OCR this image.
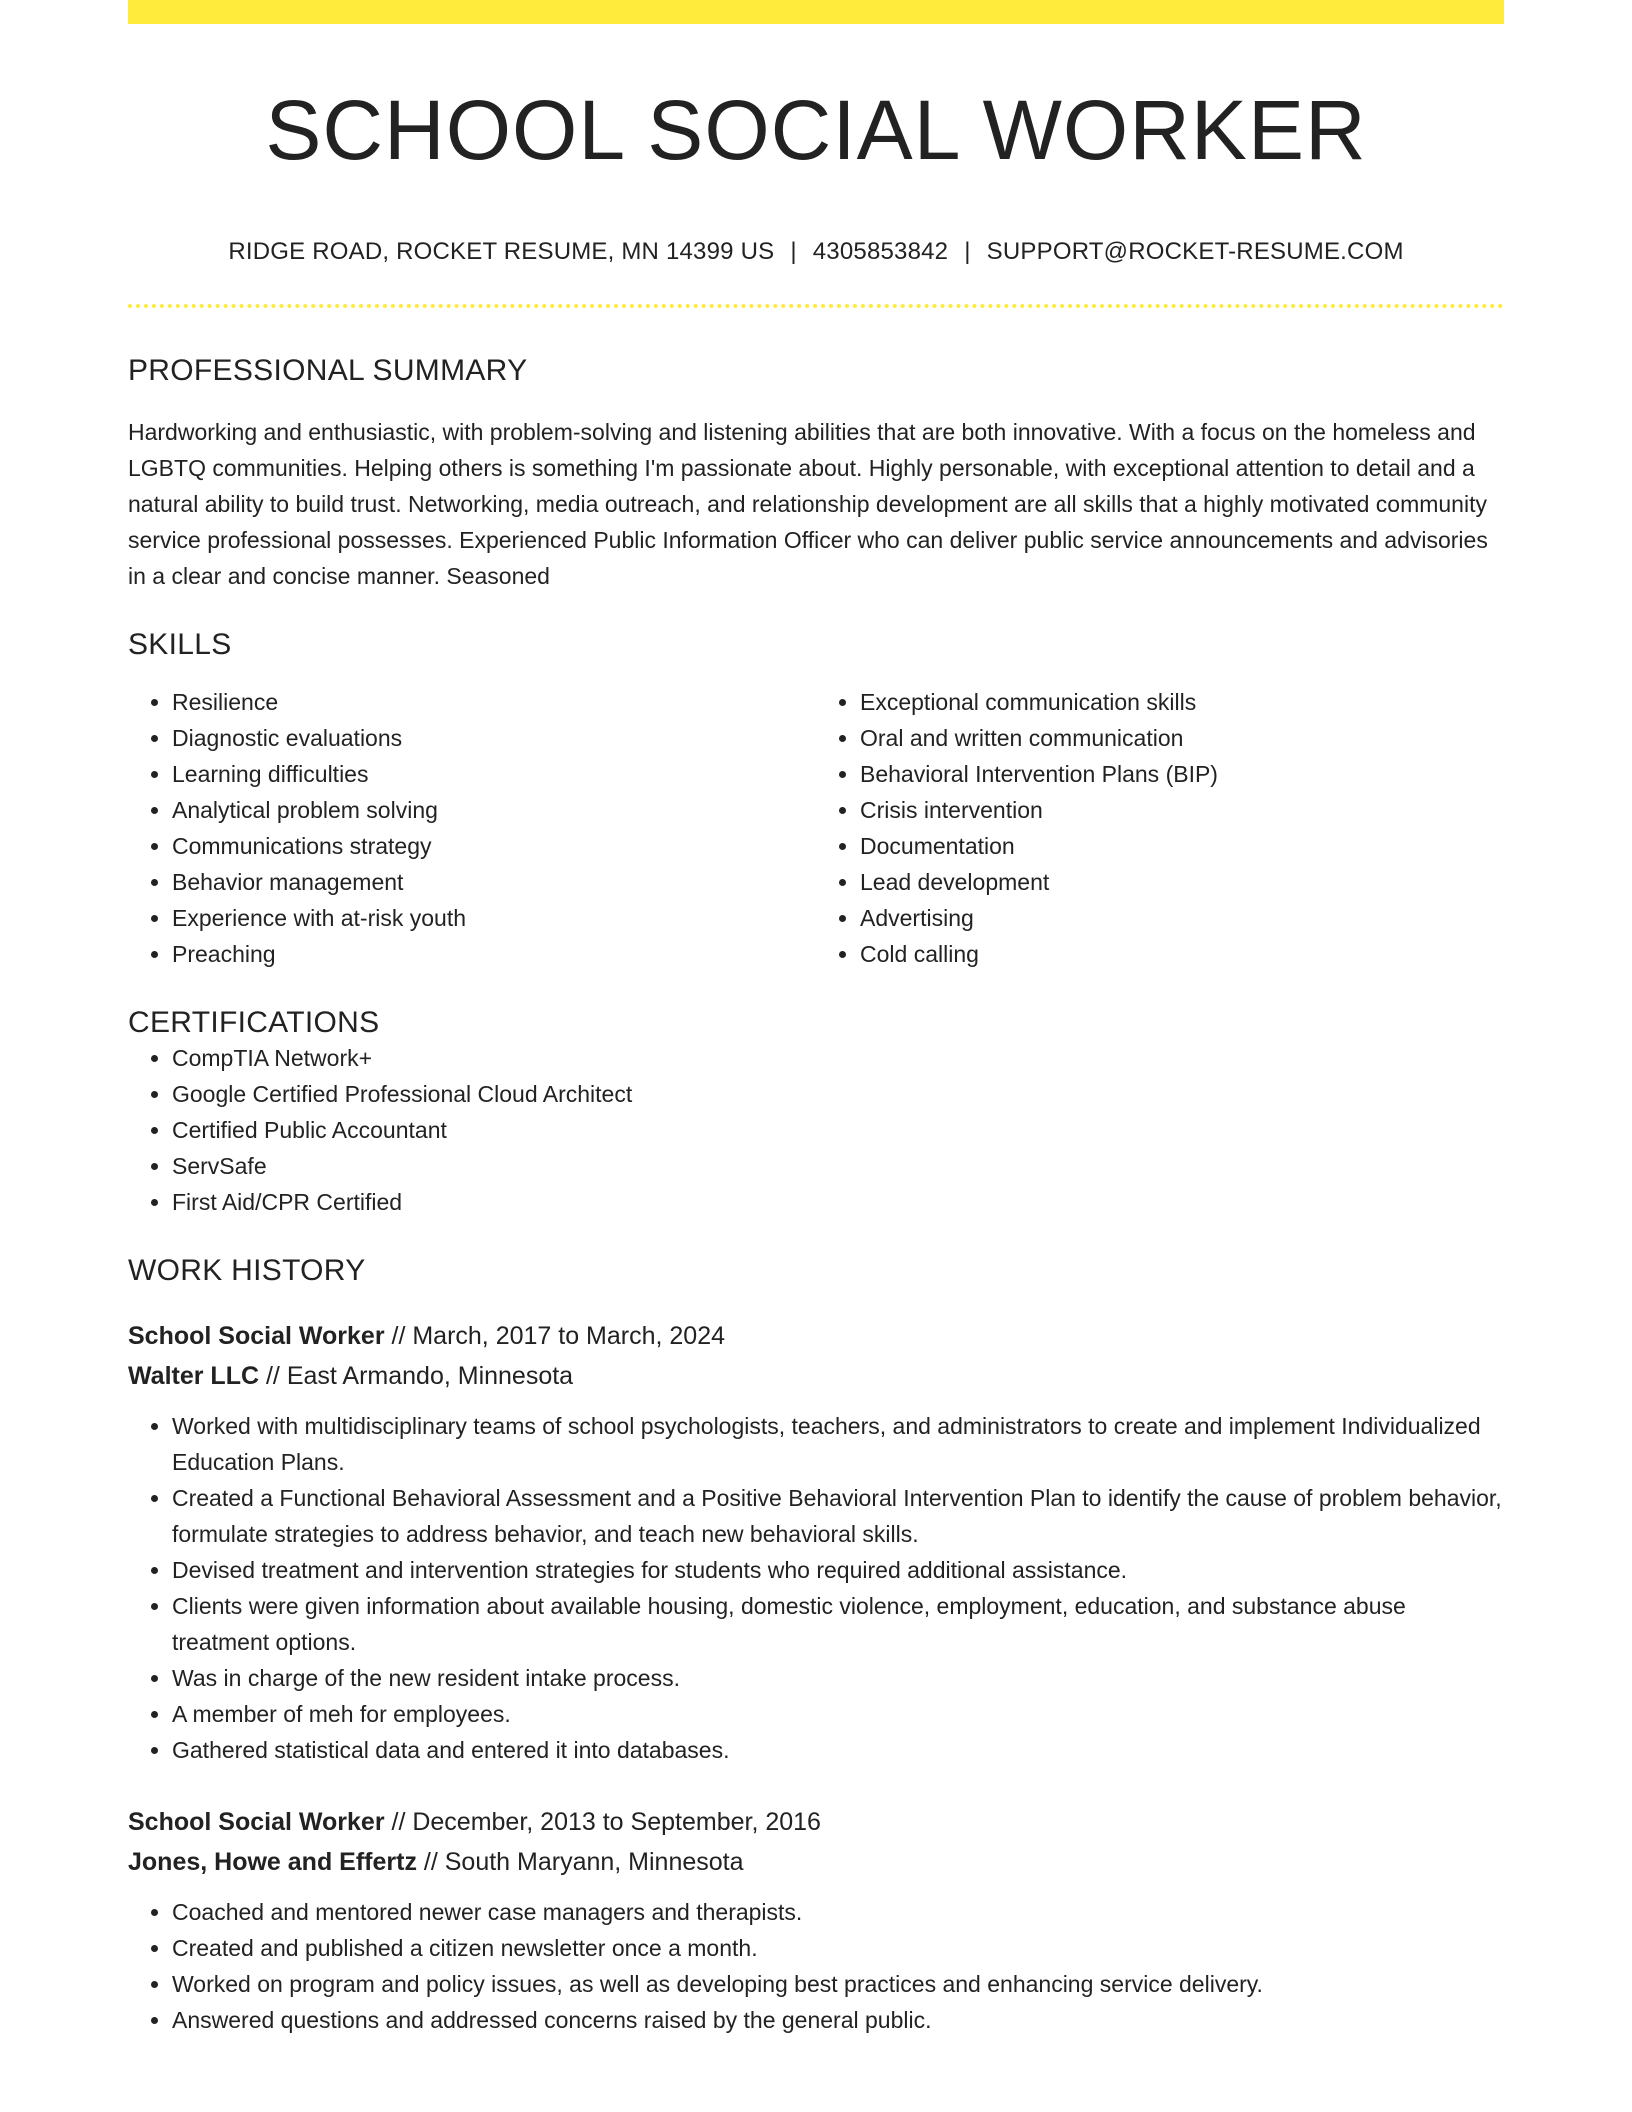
SCHOOL SOCIAL WORKER
RIDGE ROAD, ROCKET RESUME, MN 14399 US | 4305853842 | SUPPORT@ROCKET-RESUME.COM
PROFESSIONAL SUMMARY
Hardworking and enthusiastic, with problem-solving and listening abilities that are both innovative. With a focus on the homeless and LGBTQ communities. Helping others is something I'm passionate about. Highly personable, with exceptional attention to detail and a natural ability to build trust. Networking, media outreach, and relationship development are all skills that a highly motivated community service professional possesses. Experienced Public Information Officer who can deliver public service announcements and advisories in a clear and concise manner. Seasoned
SKILLS
• Resilience
• Diagnostic evaluations
• Learning difficulties
• Analytical problem solving
• Communications strategy
• Behavior management
• Experience with at-risk youth
• Preaching
• Exceptional communication skills
• Oral and written communication
• Behavioral Intervention Plans (BIP)
• Crisis intervention
• Documentation
• Lead development
• Advertising
• Cold calling
CERTIFICATIONS
• CompTIA Network+
• Google Certified Professional Cloud Architect
• Certified Public Accountant
• ServSafe
• First Aid/CPR Certified
WORK HISTORY
School Social Worker // March, 2017 to March, 2024
Walter LLC // East Armando, Minnesota
• Worked with multidisciplinary teams of school psychologists, teachers, and administrators to create and implement Individualized Education Plans.
• Created a Functional Behavioral Assessment and a Positive Behavioral Intervention Plan to identify the cause of problem behavior, formulate strategies to address behavior, and teach new behavioral skills.
• Devised treatment and intervention strategies for students who required additional assistance.
• Clients were given information about available housing, domestic violence, employment, education, and substance abuse treatment options.
• Was in charge of the new resident intake process.
• A member of meh for employees.
• Gathered statistical data and entered it into databases.
School Social Worker // December, 2013 to September, 2016
Jones, Howe and Effertz // South Maryann, Minnesota
• Coached and mentored newer case managers and therapists.
• Created and published a citizen newsletter once a month.
• Worked on program and policy issues, as well as developing best practices and enhancing service delivery.
• Answered questions and addressed concerns raised by the general public.
